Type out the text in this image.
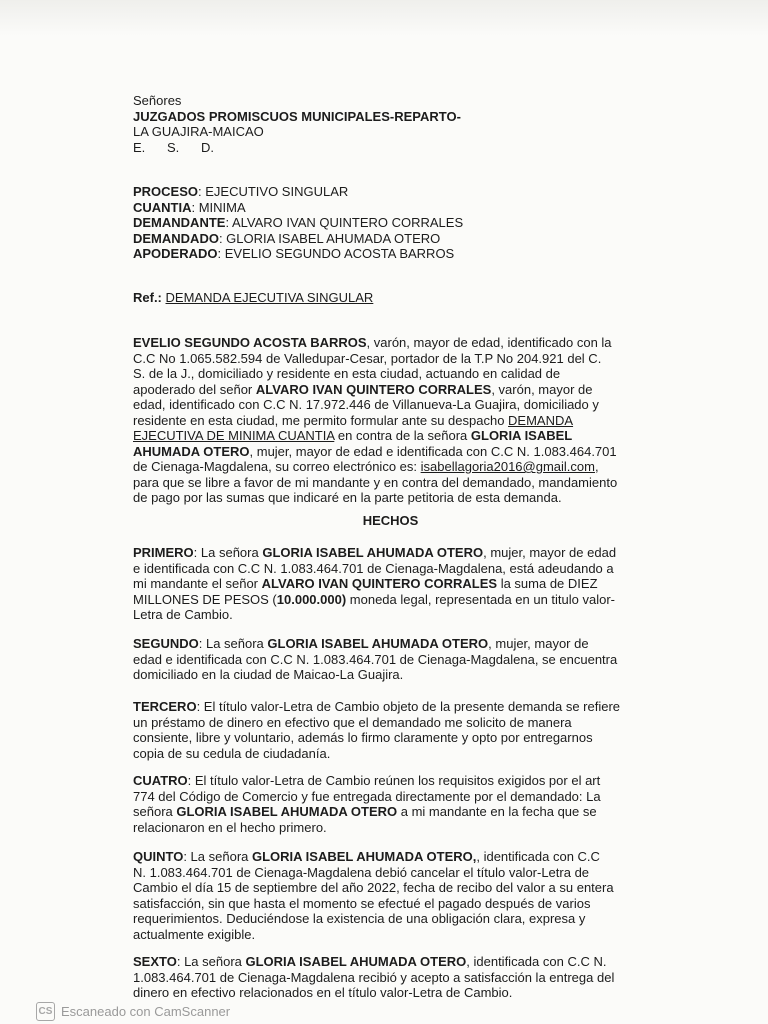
Señores
JUZGADOS PROMISCUOS MUNICIPALES-REPARTO-
LA GUAJIRA-MAICAO
E. S. D.
PROCESO: EJECUTIVO SINGULAR
CUANTIA: MINIMA
DEMANDANTE: ALVARO IVAN QUINTERO CORRALES
DEMANDADO: GLORIA ISABEL AHUMADA OTERO
APODERADO: EVELIO SEGUNDO ACOSTA BARROS
Ref.: DEMANDA EJECUTIVA SINGULAR
EVELIO SEGUNDO ACOSTA BARROS, varón, mayor de edad, identificado con la
C.C No 1.065.582.594 de Valledupar-Cesar, portador de la T.P No 204.921 del C.
S. de la J., domiciliado y residente en esta ciudad, actuando en calidad de
apoderado del señor ALVARO IVAN QUINTERO CORRALES, varón, mayor de
edad, identificado con C.C N. 17.972.446 de Villanueva-La Guajira, domiciliado y
residente en esta ciudad, me permito formular ante su despacho DEMANDA
EJECUTIVA DE MINIMA CUANTIA en contra de la señora GLORIA ISABEL
AHUMADA OTERO, mujer, mayor de edad e identificada con C.C N. 1.083.464.701
de Cienaga-Magdalena, su correo electrónico es: isabellagoria2016@gmail.com,
para que se libre a favor de mi mandante y en contra del demandado, mandamiento
de pago por las sumas que indicaré en la parte petitoria de esta demanda.
HECHOS
PRIMERO: La señora GLORIA ISABEL AHUMADA OTERO, mujer, mayor de edad
e identificada con C.C N. 1.083.464.701 de Cienaga-Magdalena, está adeudando a
mi mandante el señor ALVARO IVAN QUINTERO CORRALES la suma de DIEZ
MILLONES DE PESOS (10.000.000) moneda legal, representada en un titulo valor-
Letra de Cambio.
SEGUNDO: La señora GLORIA ISABEL AHUMADA OTERO, mujer, mayor de
edad e identificada con C.C N. 1.083.464.701 de Cienaga-Magdalena, se encuentra
domiciliado en la ciudad de Maicao-La Guajira.
TERCERO: El título valor-Letra de Cambio objeto de la presente demanda se refiere
un préstamo de dinero en efectivo que el demandado me solicito de manera
consiente, libre y voluntario, además lo firmo claramente y opto por entregarnos
copia de su cedula de ciudadanía.
CUATRO: El título valor-Letra de Cambio reúnen los requisitos exigidos por el art
774 del Código de Comercio y fue entregada directamente por el demandado: La
señora GLORIA ISABEL AHUMADA OTERO a mi mandante en la fecha que se
relacionaron en el hecho primero.
QUINTO: La señora GLORIA ISABEL AHUMADA OTERO,, identificada con C.C
N. 1.083.464.701 de Cienaga-Magdalena debió cancelar el título valor-Letra de
Cambio el día 15 de septiembre del año 2022, fecha de recibo del valor a su entera
satisfacción, sin que hasta el momento se efectué el pagado después de varios
requerimientos. Deduciéndose la existencia de una obligación clara, expresa y
actualmente exigible.
SEXTO: La señora GLORIA ISABEL AHUMADA OTERO, identificada con C.C N.
1.083.464.701 de Cienaga-Magdalena recibió y acepto a satisfacción la entrega del
dinero en efectivo relacionados en el título valor-Letra de Cambio.
CS Escaneado con CamScanner
